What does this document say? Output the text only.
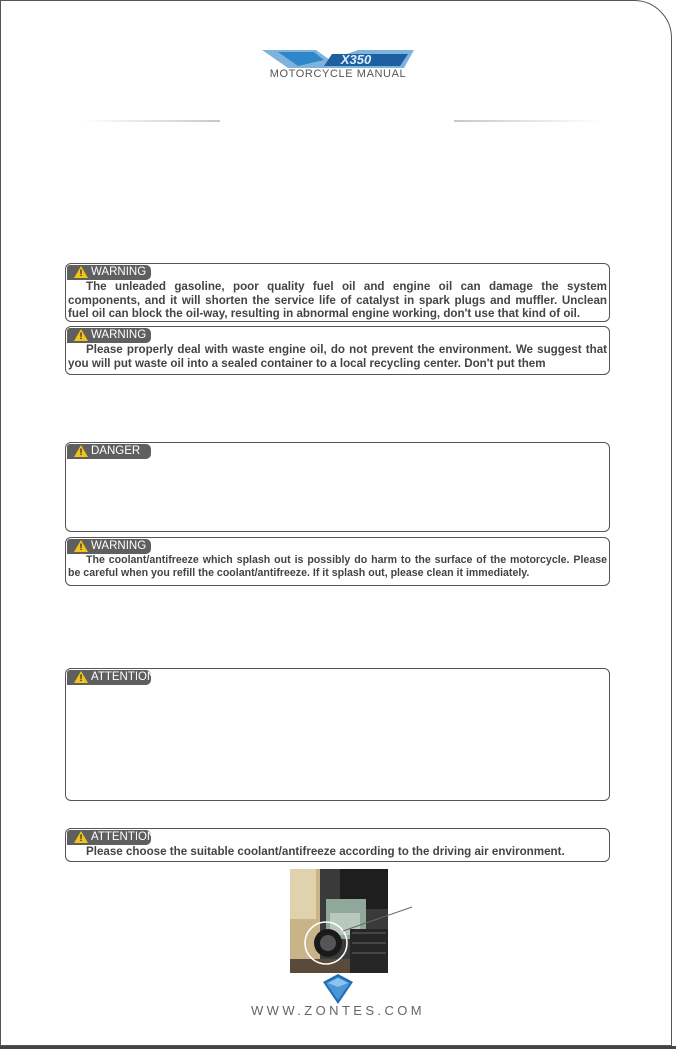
X350
MOTORCYCLE MANUAL
! WARNING
The unleaded gasoline, poor quality fuel oil and engine oil can damage the system components, and it will shorten the service life of catalyst in spark plugs and muffler. Unclean fuel oil can block the oil-way, resulting in abnormal engine working, don't use that kind of oil.
! WARNING
Please properly deal with waste engine oil, do not prevent the environment. We suggest that you will put waste oil into a sealed container to a local recycling center. Don't put them
! DANGER
! WARNING
The coolant/antifreeze which splash out is possibly do harm to the surface of the motorcycle. Please be careful when you refill the coolant/antifreeze. If it splash out, please clean it immediately.
! ATTENTION
! ATTENTION
Please choose the suitable coolant/antifreeze according to the driving air environment.
WWW.ZONTES.COM
